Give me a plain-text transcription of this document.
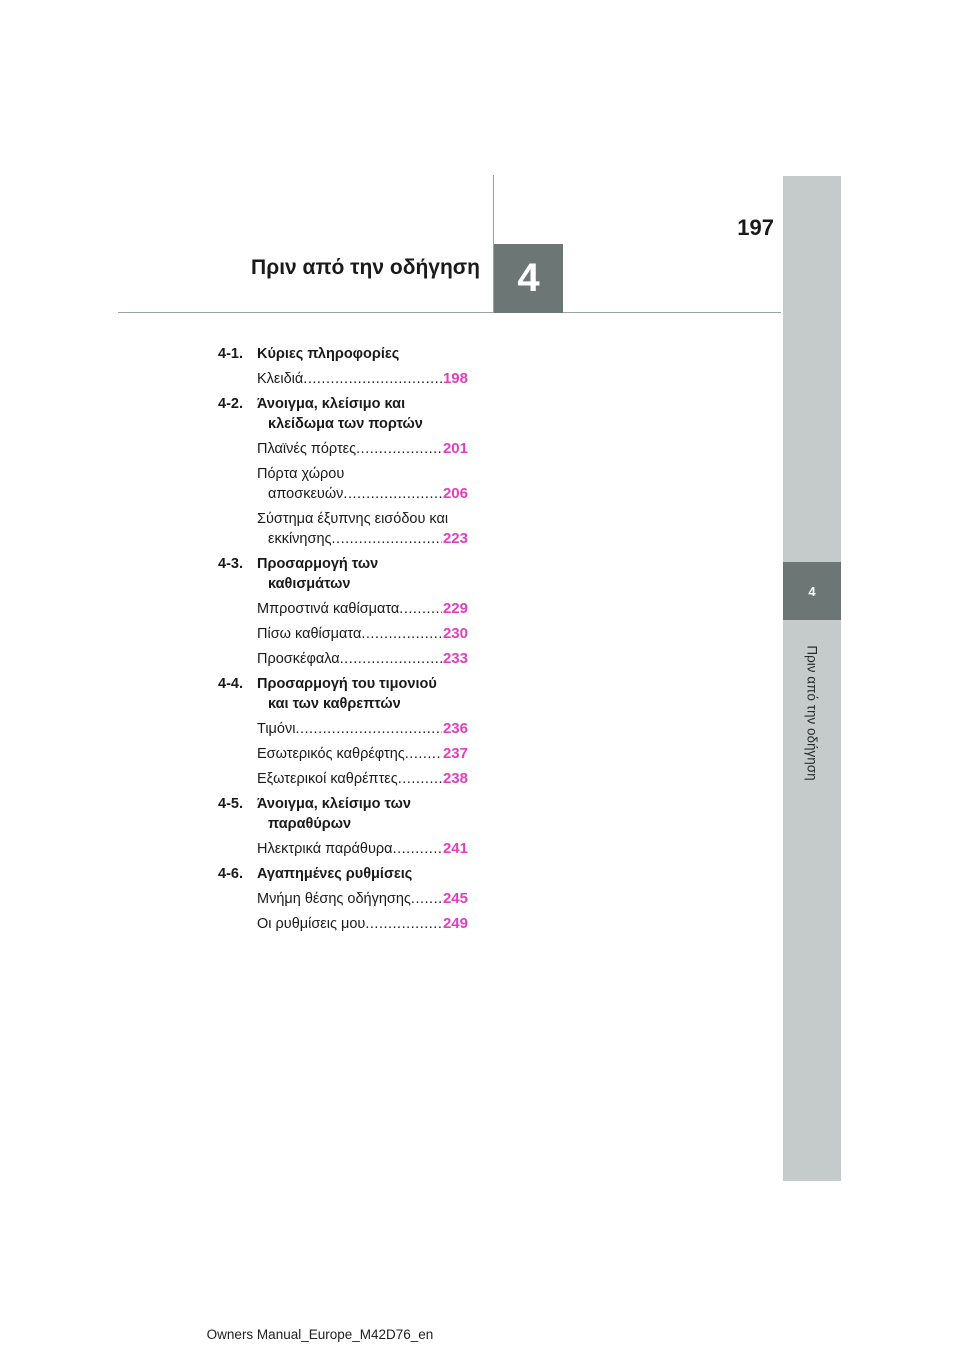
4
197
Πριν από την οδήγηση
4
Πριν από την οδήγηση
4-1. Κύριες πληροφορίες
Κλειδιά .....	198
4-2. Άνοιγμα, κλείσιμο και
κλείδωμα των πορτών
Πλαϊνές πόρτες .....	201
Πόρτα χώρου
αποσκευών .....	206
Σύστημα έξυπνης εισόδου και
εκκίνησης .....	223
4-3. Προσαρμογή των
καθισμάτων
Μπροστινά καθίσματα .....	229
Πίσω καθίσματα .....	230
Προσκέφαλα .....	233
4-4. Προσαρμογή του τιμονιού
και των καθρεπτών
Τιμόνι .....	236
Εσωτερικός καθρέφτης .....	237
Εξωτερικοί καθρέπτες .....	238
4-5. Άνοιγμα, κλείσιμο των
παραθύρων
Ηλεκτρικά παράθυρα .....	241
4-6. Αγαπημένες ρυθμίσεις
Μνήμη θέσης οδήγησης ..... 245
Οι ρυθμίσεις μου .....	249
Owners Manual_Europe_M42D76_en
